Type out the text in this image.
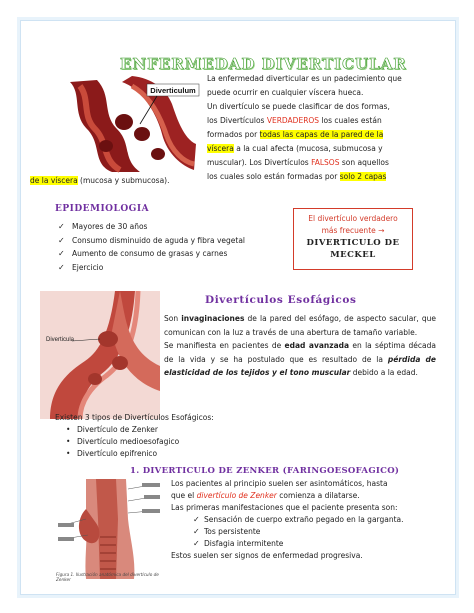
ENFERMEDAD DIVERTICULAR
Diverticulum
La enfermedad diverticular es un padecimiento que
puede ocurrir en cualquier víscera hueca.
Un divertículo se puede clasificar de dos formas,
los Divertículos VERDADEROS los cuales están
formados por todas las capas de la pared de la
víscera a la cual afecta (mucosa, submucosa y
muscular). Los Divertículos FALSOS son aquellos
los cuales solo están formadas por solo 2 capas
de la víscera (mucosa y submucosa).
EPIDEMIOLOGIA
✓ Mayores de 30 años
✓ Consumo disminuido de aguda y fibra vegetal
✓ Aumento de consumo de grasas y carnes
✓ Ejercicio
El divertículo verdadero
más frecuente →
DIVERTICULO DE
MECKEL
Diverticula
Divertículos Esofágicos

Son invaginaciones de la pared del esófago, de aspecto sacular, que comunican con la luz a través de una abertura de tamaño variable.

Se manifiesta en pacientes de edad avanzada en la séptima década de la vida y se ha postulado que es resultado de la pérdida de elasticidad de los tejidos y el tono muscular debido a la edad.

Existen 3 tipos de Divertículos Esofágicos:
• Divertículo de Zenker
• Divertículo medioesofagico
• Divertículo epifrenico
1. DIVERTICULO DE ZENKER (FARINGOESOFAGICO)
Figura 1. Ilustración anatómica del divertículo de Zenker
Los pacientes al principio suelen ser asintomáticos, hasta
que el divertículo de Zenker comienza a dilatarse.
Las primeras manifestaciones que el paciente presenta son:
✓ Sensación de cuerpo extraño pegado en la garganta.
✓ Tos persistente
✓ Disfagia intermitente
Estos suelen ser signos de enfermedad progresiva.
